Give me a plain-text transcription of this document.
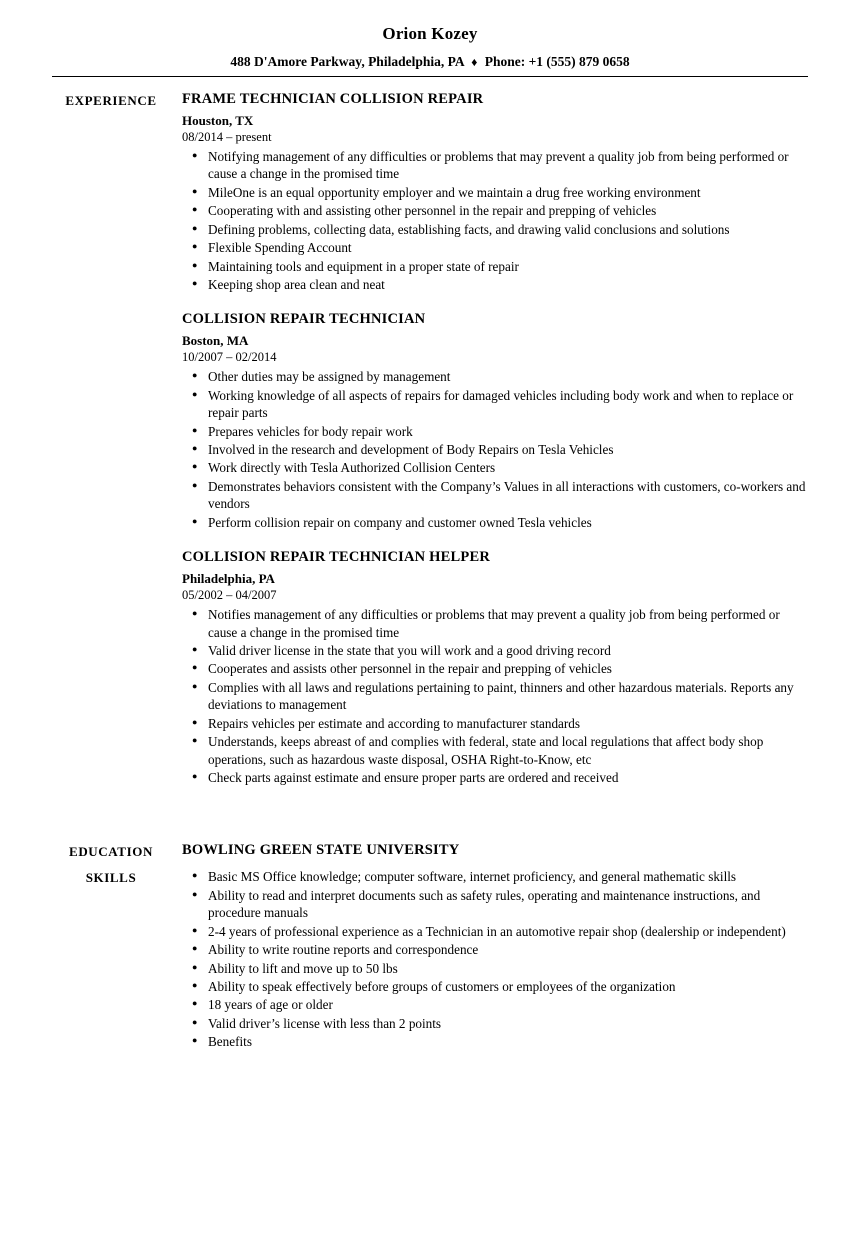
Orion Kozey
488 D'Amore Parkway, Philadelphia, PA ♦ Phone: +1 (555) 879 0658
EXPERIENCE	FRAME TECHNICIAN COLLISION REPAIR
Houston, TX
08/2014 – present
● Notifying management of any difficulties or problems that may prevent a quality job from being performed or cause a change in the promised time
● MileOne is an equal opportunity employer and we maintain a drug free working environment
● Cooperating with and assisting other personnel in the repair and prepping of vehicles
● Defining problems, collecting data, establishing facts, and drawing valid conclusions and solutions
● Flexible Spending Account
● Maintaining tools and equipment in a proper state of repair
● Keeping shop area clean and neat
COLLISION REPAIR TECHNICIAN
Boston, MA
10/2007 – 02/2014
● Other duties may be assigned by management
● Working knowledge of all aspects of repairs for damaged vehicles including body work and when to replace or repair parts
● Prepares vehicles for body repair work
● Involved in the research and development of Body Repairs on Tesla Vehicles
● Work directly with Tesla Authorized Collision Centers
● Demonstrates behaviors consistent with the Company’s Values in all interactions with customers, co-workers and vendors
● Perform collision repair on company and customer owned Tesla vehicles
COLLISION REPAIR TECHNICIAN HELPER
Philadelphia, PA
05/2002 – 04/2007
● Notifies management of any difficulties or problems that may prevent a quality job from being performed or cause a change in the promised time
● Valid driver license in the state that you will work and a good driving record
● Cooperates and assists other personnel in the repair and prepping of vehicles
● Complies with all laws and regulations pertaining to paint, thinners and other hazardous materials. Reports any deviations to management
● Repairs vehicles per estimate and according to manufacturer standards
● Understands, keeps abreast of and complies with federal, state and local regulations that affect body shop operations, such as hazardous waste disposal, OSHA Right-to-Know, etc
● Check parts against estimate and ensure proper parts are ordered and received
EDUCATION	BOWLING GREEN STATE UNIVERSITY
SKILLS	● Basic MS Office knowledge; computer software, internet proficiency, and general mathematic skills
● Ability to read and interpret documents such as safety rules, operating and maintenance instructions, and procedure manuals
● 2-4 years of professional experience as a Technician in an automotive repair shop (dealership or independent)
● Ability to write routine reports and correspondence
● Ability to lift and move up to 50 lbs
● Ability to speak effectively before groups of customers or employees of the organization
● 18 years of age or older
● Valid driver’s license with less than 2 points
● Benefits
